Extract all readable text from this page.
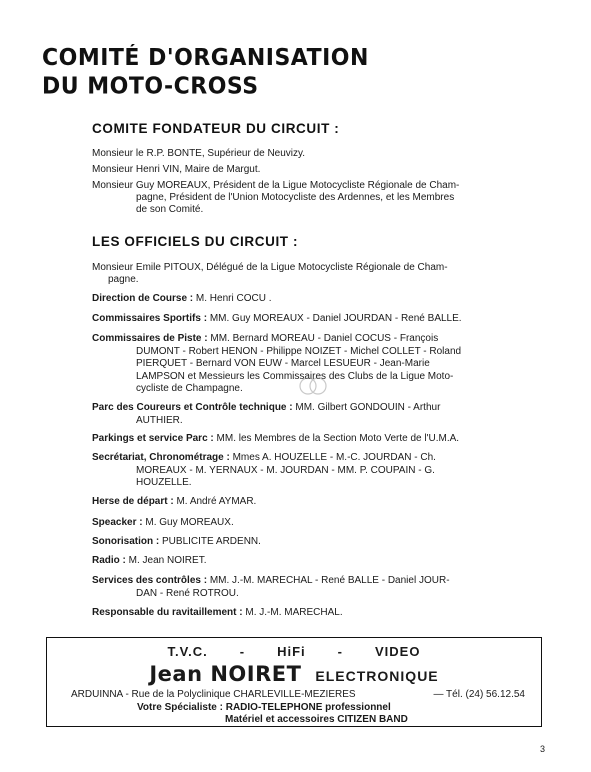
COMITÉ D'ORGANISATION
DU MOTO-CROSS
COMITE FONDATEUR DU CIRCUIT :
Monsieur le R.P. BONTE, Supérieur de Neuvizy.
Monsieur Henri VIN, Maire de Margut.
Monsieur Guy MOREAUX, Président de la Ligue Motocycliste Régionale de Cham-
pagne, Président de l'Union Motocycliste des Ardennes, et les Membres
de son Comité.
LES OFFICIELS DU CIRCUIT :
Monsieur Emile PITOUX, Délégué de la Ligue Motocycliste Régionale de Cham-
pagne.
Direction de Course : M. Henri COCU .
Commissaires Sportifs : MM. Guy MOREAUX - Daniel JOURDAN - René BALLE.
Commissaires de Piste : MM. Bernard MOREAU - Daniel COCUS - François
DUMONT - Robert HENON - Philippe NOIZET - Michel COLLET - Roland
PIERQUET - Bernard VON EUW - Marcel LESUEUR - Jean-Marie
LAMPSON et Messieurs les Commissaires des Clubs de la Ligue Moto-
cycliste de Champagne.
Parc des Coureurs et Contrôle technique : MM. Gilbert GONDOUIN - Arthur
AUTHIER.
Parkings et service Parc : MM. les Membres de la Section Moto Verte de l'U.M.A.
Secrétariat, Chronométrage : Mmes A. HOUZELLE - M.-C. JOURDAN - Ch.
MOREAUX - M. YERNAUX - M. JOURDAN - MM. P. COUPAIN - G.
HOUZELLE.
Herse de départ : M. André AYMAR.
Speacker : M. Guy MOREAUX.
Sonorisation : PUBLICITE ARDENN.
Radio : M. Jean NOIRET.
Services des contrôles : MM. J.-M. MARECHAL - René BALLE - Daniel JOUR-
DAN - René ROTROU.
Responsable du ravitaillement : M. J.-M. MARECHAL.
T.V.C. - HiFi - VIDEO
Jean NOIRET ELECTRONIQUE
ARDUINNA - Rue de la Polyclinique CHARLEVILLE-MEZIERES	— Tél. (24) 56.12.54
Votre Spécialiste : RADIO-TELEPHONE professionnel
Matériel et accessoires CITIZEN BAND
3
